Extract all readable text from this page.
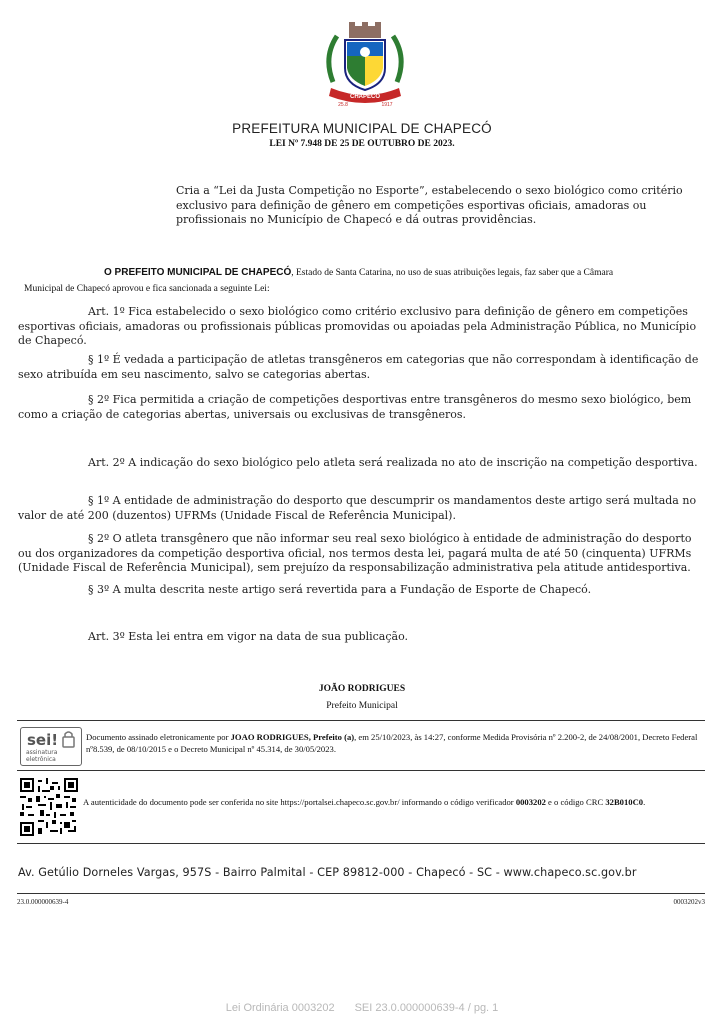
CHAPECÓ
25.8	1917
PREFEITURA MUNICIPAL DE CHAPECÓ
LEI Nº 7.948 DE 25 DE OUTUBRO DE 2023.
Cria a “Lei da Justa Competição no Esporte”, estabelecendo o sexo biológico como critério exclusivo para definição de gênero em competições esportivas oficiais, amadoras ou profissionais no Município de Chapecó e dá outras providências.
O PREFEITO MUNICIPAL DE CHAPECÓ, Estado de Santa Catarina, no uso de suas atribuições legais, faz saber que a Câmara
Municipal de Chapecó aprovou e fica sancionada a seguinte Lei:

Art. 1º Fica estabelecido o sexo biológico como critério exclusivo para definição de gênero em competições esportivas oficiais, amadoras ou profissionais públicas promovidas ou apoiadas pela Administração Pública, no Município de Chapecó.

§ 1º É vedada a participação de atletas transgêneros em categorias que não correspondam à identificação de sexo atribuída em seu nascimento, salvo se categorias abertas.

§ 2º Fica permitida a criação de competições desportivas entre transgêneros do mesmo sexo biológico, bem como a criação de categorias abertas, universais ou exclusivas de transgêneros.

Art. 2º A indicação do sexo biológico pelo atleta será realizada no ato de inscrição na competição desportiva.

§ 1º A entidade de administração do desporto que descumprir os mandamentos deste artigo será multada no valor de até 200 (duzentos) UFRMs (Unidade Fiscal de Referência Municipal).

§ 2º O atleta transgênero que não informar seu real sexo biológico à entidade de administração do desporto ou dos organizadores da competição desportiva oficial, nos termos desta lei, pagará multa de até 50 (cinquenta) UFRMs (Unidade Fiscal de Referência Municipal), sem prejuízo da responsabilização administrativa pela atitude antidesportiva.

§ 3º A multa descrita neste artigo será revertida para a Fundação de Esporte de Chapecó.

Art. 3º Esta lei entra em vigor na data de sua publicação.

JOÃO RODRIGUES
Prefeito Municipal
sei!
assinatura
eletrônica
Documento assinado eletronicamente por JOAO RODRIGUES, Prefeito (a), em 25/10/2023, às 14:27, conforme Medida Provisória nº 2.200-2, de 24/08/2001, Decreto Federal nº8.539, de 08/10/2015 e o Decreto Municipal nº 45.314, de 30/05/2023.
A autenticidade do documento pode ser conferida no site https://portalsei.chapeco.sc.gov.br/ informando o código verificador 0003202 e o código CRC 32B010C0.
Av. Getúlio Dorneles Vargas, 957S - Bairro Palmital - CEP 89812-000 - Chapecó - SC - www.chapeco.sc.gov.br
23.0.000000639-4	0003202v3
Lei Ordinária 0003202 SEI 23.0.000000639-4 / pg. 1
